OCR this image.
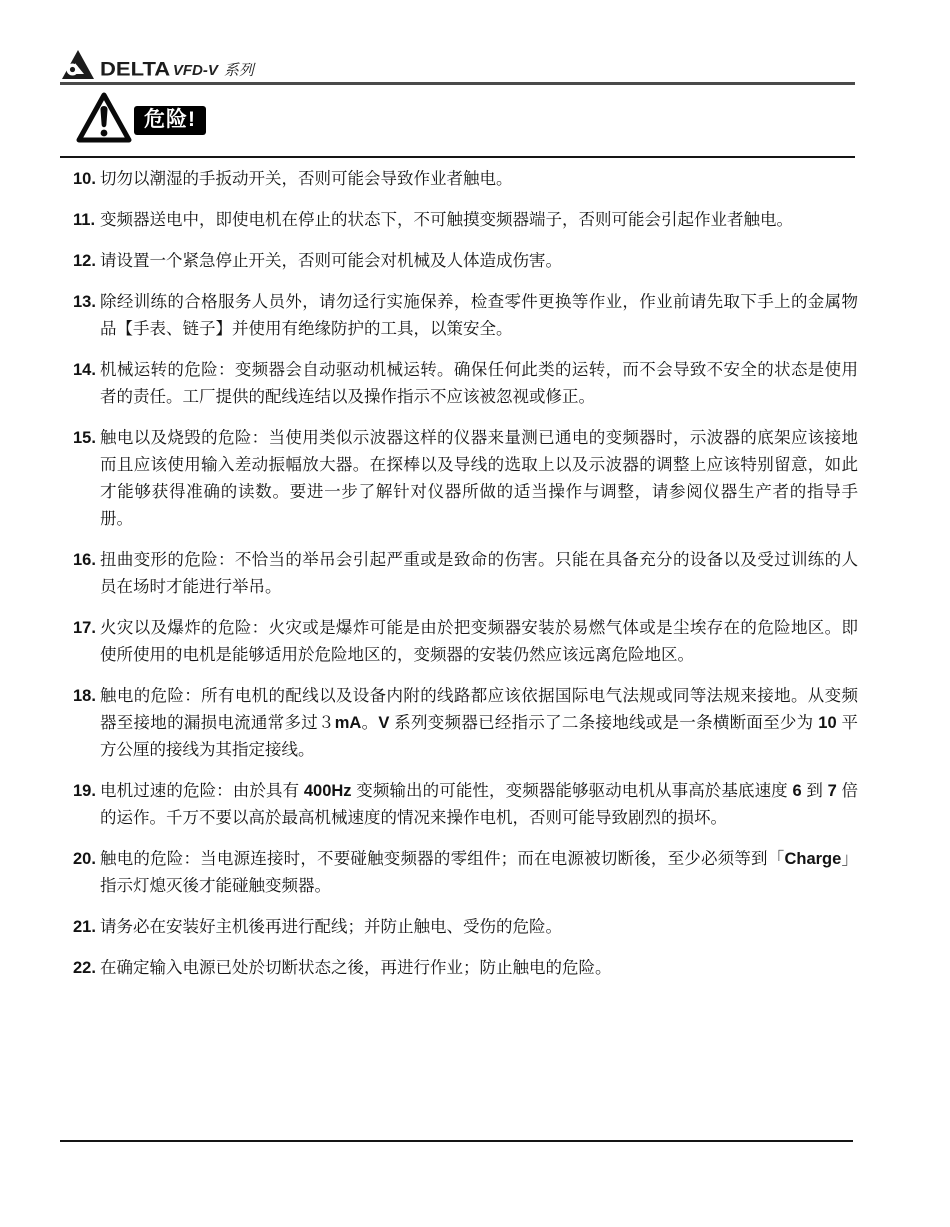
DELTA VFD-V 系列
危险!
10. 切勿以潮湿的手扳动开关，否则可能会导致作业者触电。
11. 变频器送电中，即使电机在停止的状态下，不可触摸变频器端子，否则可能会引起作业者触电。
12. 请设置一个紧急停止开关，否则可能会对机械及人体造成伤害。
13. 除经训练的合格服务人员外，请勿迳行实施保养，检查零件更换等作业，作业前请先取下手上的金属物品【手表、链子】并使用有绝缘防护的工具，以策安全。
14. 机械运转的危险：变频器会自动驱动机械运转。确保任何此类的运转，而不会导致不安全的状态是使用者的责任。工厂提供的配线连结以及操作指示不应该被忽视或修正。
15. 触电以及烧毁的危险：当使用类似示波器这样的仪器来量测已通电的变频器时，示波器的底架应该接地而且应该使用输入差动振幅放大器。在探棒以及导线的选取上以及示波器的调整上应该特别留意，如此才能够获得准确的读数。要进一步了解针对仪器所做的适当操作与调整，请参阅仪器生产者的指导手册。
16. 扭曲变形的危险：不恰当的举吊会引起严重或是致命的伤害。只能在具备充分的设备以及受过训练的人员在场时才能进行举吊。
17. 火灾以及爆炸的危险：火灾或是爆炸可能是由於把变频器安装於易燃气体或是尘埃存在的危险地区。即使所使用的电机是能够适用於危险地区的，变频器的安装仍然应该远离危险地区。
18. 触电的危险：所有电机的配线以及设备内附的线路都应该依据国际电气法规或同等法规来接地。从变频器至接地的漏损电流通常多过３mA。V 系列变频器已经指示了二条接地线或是一条横断面至少为 10 平方公厘的接线为其指定接线。
19. 电机过速的危险：由於具有 400Hz 变频输出的可能性，变频器能够驱动电机从事高於基底速度 6 到 7 倍的运作。千万不要以高於最高机械速度的情况来操作电机，否则可能导致剧烈的损坏。
20. 触电的危险：当电源连接时，不要碰触变频器的零组件；而在电源被切断後，至少必须等到「Charge」指示灯熄灭後才能碰触变频器。
21. 请务必在安装好主机後再进行配线；并防止触电、受伤的危险。
22. 在确定输入电源已处於切断状态之後，再进行作业；防止触电的危险。
